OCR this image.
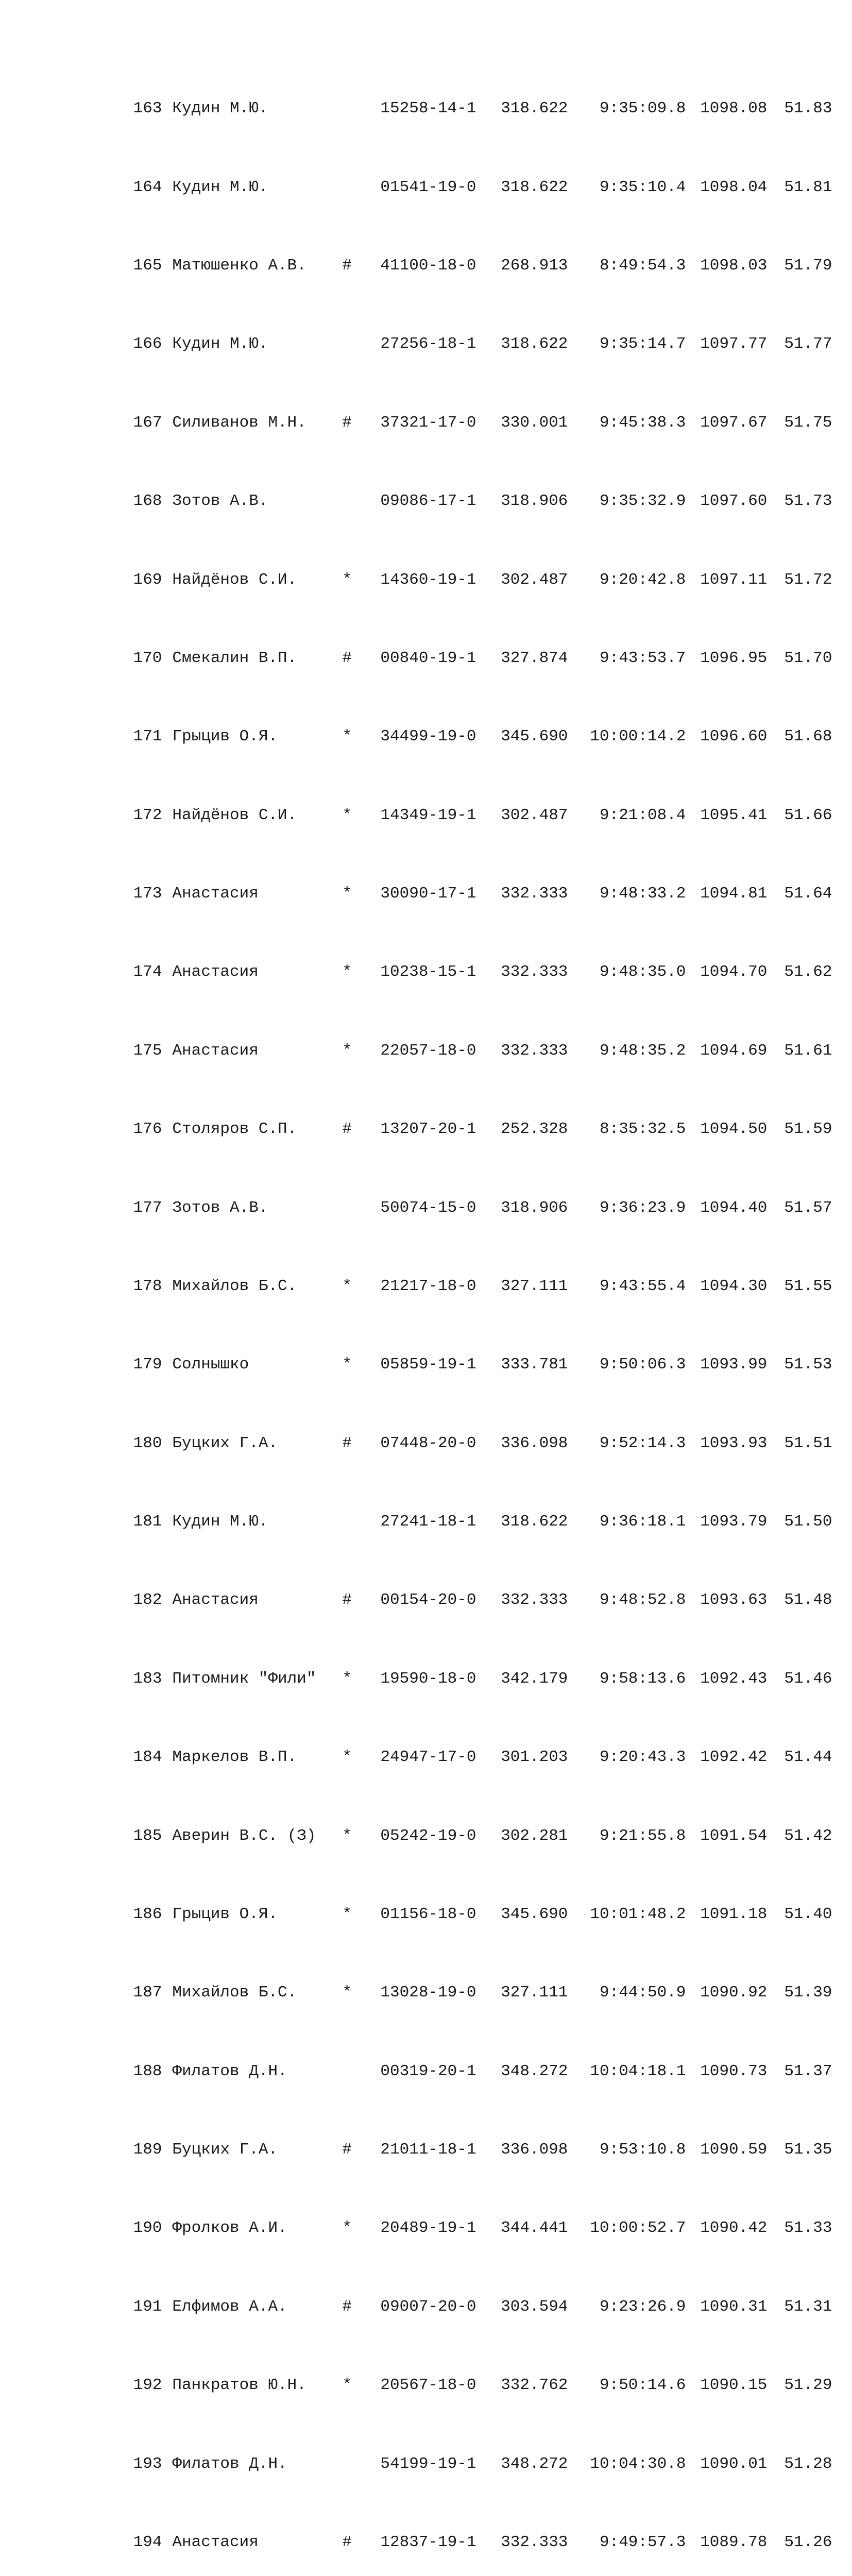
163 Кудин М.Ю.	15258-14-1 318.622 9:35:09.8 1098.08 51.83

164 Кудин М.Ю.	01541-19-0 318.622 9:35:10.4 1098.04 51.81

165 Матюшенко А.В. # 41100-18-0 268.913 8:49:54.3 1098.03 51.79

166 Кудин М.Ю.	27256-18-1 318.622 9:35:14.7 1097.77 51.77

167 Силиванов М.Н. # 37321-17-0 330.001 9:45:38.3 1097.67 51.75

168 Зотов А.В.	09086-17-1 318.906 9:35:32.9 1097.60 51.73

169 Найдёнов С.И.	* 14360-19-1 302.487 9:20:42.8 1097.11 51.72

170 Смекалин В.П.	# 00840-19-1 327.874 9:43:53.7 1096.95 51.70

171 Грыцив О.Я.	* 34499-19-0 345.690 10:00:14.2 1096.60 51.68

172 Найдёнов С.И.	* 14349-19-1 302.487 9:21:08.4 1095.41 51.66

173 Анастасия	* 30090-17-1 332.333 9:48:33.2 1094.81 51.64

174 Анастасия	* 10238-15-1 332.333 9:48:35.0 1094.70 51.62

175 Анастасия	* 22057-18-0 332.333 9:48:35.2 1094.69 51.61

176 Столяров С.П.	# 13207-20-1 252.328 8:35:32.5 1094.50 51.59

177 Зотов А.В.	50074-15-0 318.906 9:36:23.9 1094.40 51.57

178 Михайлов Б.С.	* 21217-18-0 327.111 9:43:55.4 1094.30 51.55

179 Солнышко	* 05859-19-1 333.781 9:50:06.3 1093.99 51.53

180 Буцких Г.А.	# 07448-20-0 336.098 9:52:14.3 1093.93 51.51

181 Кудин М.Ю.	27241-18-1 318.622 9:36:18.1 1093.79 51.50

182 Анастасия	# 00154-20-0 332.333 9:48:52.8 1093.63 51.48

183 Питомник "Фили" * 19590-18-0 342.179 9:58:13.6 1092.43 51.46

184 Маркелов В.П.	* 24947-17-0 301.203 9:20:43.3 1092.42 51.44

185 Аверин В.С. (З) * 05242-19-0 302.281 9:21:55.8 1091.54 51.42

186 Грыцив О.Я.	* 01156-18-0 345.690 10:01:48.2 1091.18 51.40

187 Михайлов Б.С.	* 13028-19-0 327.111 9:44:50.9 1090.92 51.39

188 Филатов Д.Н.	00319-20-1 348.272 10:04:18.1 1090.73 51.37

189 Буцких Г.А.	# 21011-18-1 336.098 9:53:10.8 1090.59 51.35

190 Фролков А.И.	* 20489-19-1 344.441 10:00:52.7 1090.42 51.33

191 Елфимов А.А.	# 09007-20-0 303.594 9:23:26.9 1090.31 51.31

192 Панкратов Ю.Н. * 20567-18-0 332.762 9:50:14.6 1090.15 51.29

193 Филатов Д.Н.	54199-19-1 348.272 10:04:30.8 1090.01 51.28

194 Анастасия	# 12837-19-1 332.333 9:49:57.3 1089.78 51.26
